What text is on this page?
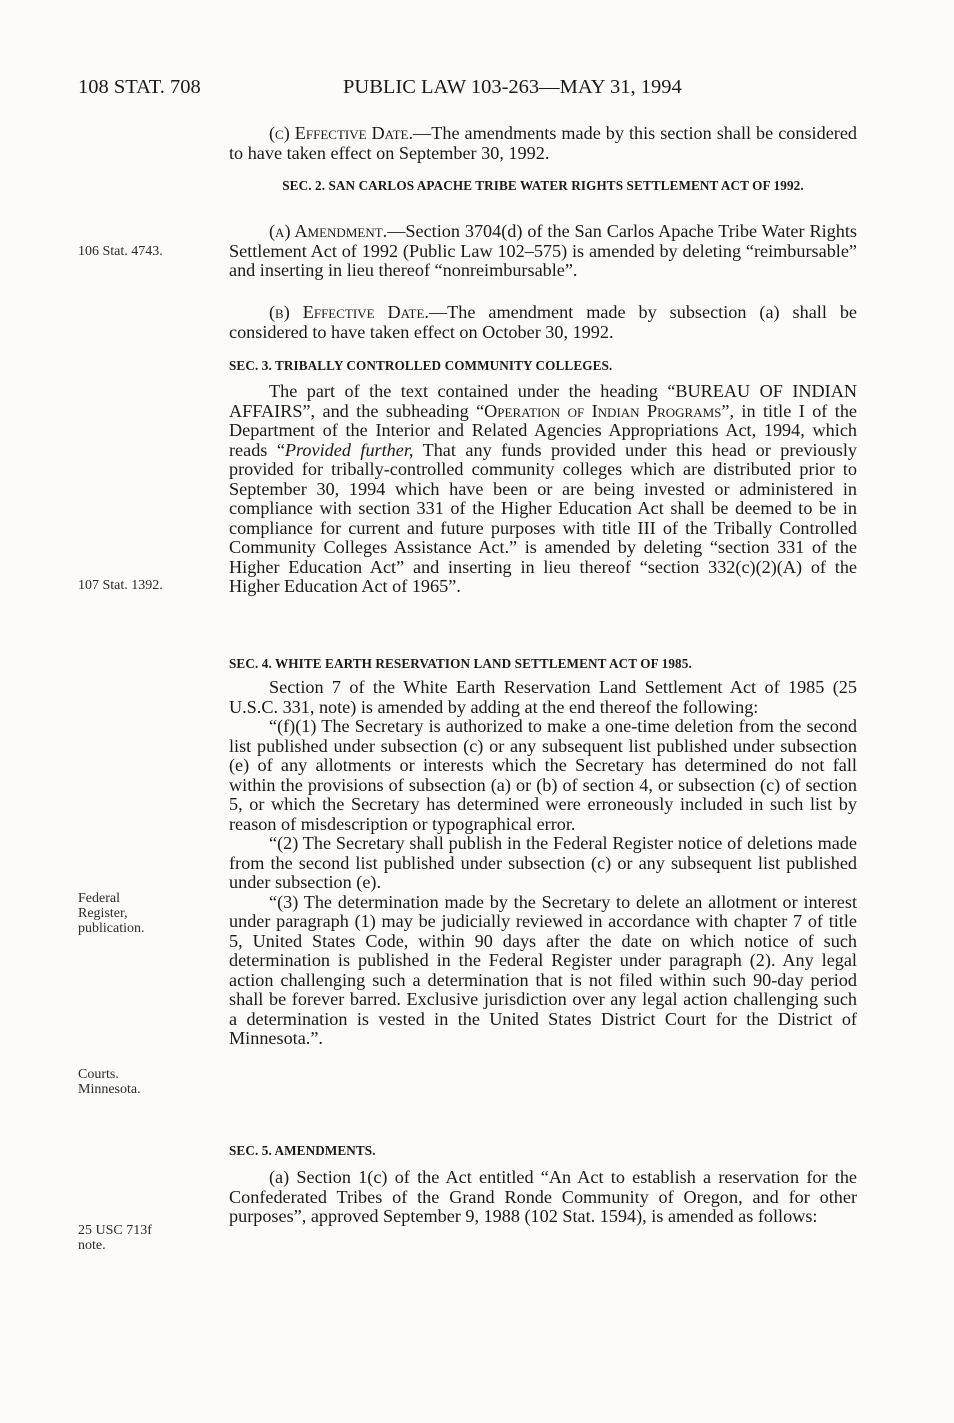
108 STAT. 708	PUBLIC LAW 103-263—MAY 31, 1994
106 Stat. 4743.
107 Stat. 1392.
Federal
Register,
publication.
Courts.
Minnesota.
25 USC 713f
note.

(c) Effective Date.—The amendments made by this section shall be considered to have taken effect on September 30, 1992.

SEC. 2. SAN CARLOS APACHE TRIBE WATER RIGHTS SETTLEMENT ACT OF 1992.

(a) Amendment.—Section 3704(d) of the San Carlos Apache Tribe Water Rights Settlement Act of 1992 (Public Law 102–575) is amended by deleting “reimbursable” and inserting in lieu thereof “nonreimbursable”.

(b) Effective Date.—The amendment made by subsection (a) shall be considered to have taken effect on October 30, 1992.

SEC. 3. TRIBALLY CONTROLLED COMMUNITY COLLEGES.

The part of the text contained under the heading “BUREAU OF INDIAN AFFAIRS”, and the subheading “Operation of Indian Programs”, in title I of the Department of the Interior and Related Agencies Appropriations Act, 1994, which reads “Provided further, That any funds provided under this head or previously provided for tribally-controlled community colleges which are distributed prior to September 30, 1994 which have been or are being invested or administered in compliance with section 331 of the Higher Education Act shall be deemed to be in compliance for current and future purposes with title III of the Tribally Controlled Community Colleges Assistance Act.” is amended by deleting “section 331 of the Higher Education Act” and inserting in lieu thereof “section 332(c)(2)(A) of the Higher Education Act of 1965”.

SEC. 4. WHITE EARTH RESERVATION LAND SETTLEMENT ACT OF 1985.

Section 7 of the White Earth Reservation Land Settlement Act of 1985 (25 U.S.C. 331, note) is amended by adding at the end thereof the following:

“(f)(1) The Secretary is authorized to make a one-time deletion from the second list published under subsection (c) or any subsequent list published under subsection (e) of any allotments or interests which the Secretary has determined do not fall within the provisions of subsection (a) or (b) of section 4, or subsection (c) of section 5, or which the Secretary has determined were erroneously included in such list by reason of misdescription or typographical error.

“(2) The Secretary shall publish in the Federal Register notice of deletions made from the second list published under subsection (c) or any subsequent list published under subsection (e).

“(3) The determination made by the Secretary to delete an allotment or interest under paragraph (1) may be judicially reviewed in accordance with chapter 7 of title 5, United States Code, within 90 days after the date on which notice of such determination is published in the Federal Register under paragraph (2). Any legal action challenging such a determination that is not filed within such 90-day period shall be forever barred. Exclusive jurisdiction over any legal action challenging such a determination is vested in the United States District Court for the District of Minnesota.”.

SEC. 5. AMENDMENTS.

(a) Section 1(c) of the Act entitled “An Act to establish a reservation for the Confederated Tribes of the Grand Ronde Community of Oregon, and for other purposes”, approved September 9, 1988 (102 Stat. 1594), is amended as follows:
